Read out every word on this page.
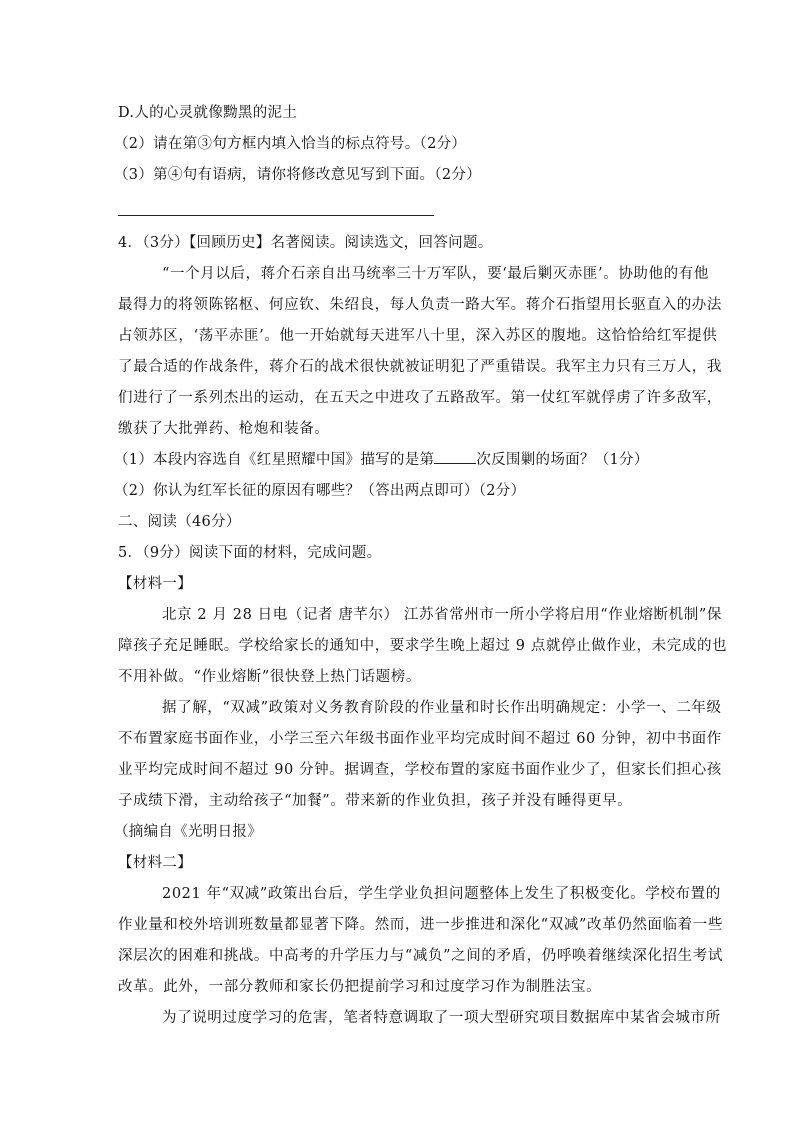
D.人的心灵就像黝黑的泥土
（2）请在第③句方框内填入恰当的标点符号。（2分）
（3）第④句有语病，请你将修改意见写到下面。（2分）
4．（3分）【回顾历史】名著阅读。阅读选文，回答问题。
“一个月以后，蒋介石亲自出马统率三十万军队，要‘最后剿灭赤匪’。协助他的有他
最得力的将领陈铭枢、何应钦、朱绍良，每人负责一路大军。蒋介石指望用长驱直入的办法
占领苏区，‘荡平赤匪’。他一开始就每天进军八十里，深入苏区的腹地。这恰恰给红军提供
了最合适的作战条件，蒋介石的战术很快就被证明犯了严重错误。我军主力只有三万人，我
们进行了一系列杰出的运动，在五天之中进攻了五路敌军。第一仗红军就俘虏了许多敌军，
缴获了大批弹药、枪炮和装备。
（1）本段内容选自《红星照耀中国》描写的是第	次反围剿的场面？（1分）
（2）你认为红军长征的原因有哪些？（答出两点即可）（2分）
二、阅读（46分）
5．（9分）阅读下面的材料，完成问题。
【材料一】
北京 2 月 28 日电（记者 唐芊尔） 江苏省常州市一所小学将启用“作业熔断机制”保
障孩子充足睡眠。学校给家长的通知中，要求学生晚上超过 9 点就停止做作业，未完成的也
不用补做。“作业熔断”很快登上热门话题榜。
据了解，“双减”政策对义务教育阶段的作业量和时长作出明确规定：小学一、二年级
不布置家庭书面作业，小学三至六年级书面作业平均完成时间不超过 60 分钟，初中书面作
业平均完成时间不超过 90 分钟。据调查，学校布置的家庭书面作业少了，但家长们担心孩
子成绩下滑，主动给孩子“加餐”。带来新的作业负担，孩子并没有睡得更早。
（摘编自《光明日报》
【材料二】
2021 年“双减”政策出台后，学生学业负担问题整体上发生了积极变化。学校布置的
作业量和校外培训班数量都显著下降。然而，进一步推进和深化“双减”改革仍然面临着一些
深层次的困难和挑战。中高考的升学压力与“减负”之间的矛盾，仍呼唤着继续深化招生考试
改革。此外，一部分教师和家长仍把提前学习和过度学习作为制胜法宝。
为了说明过度学习的危害，笔者特意调取了一项大型研究项目数据库中某省会城市所
